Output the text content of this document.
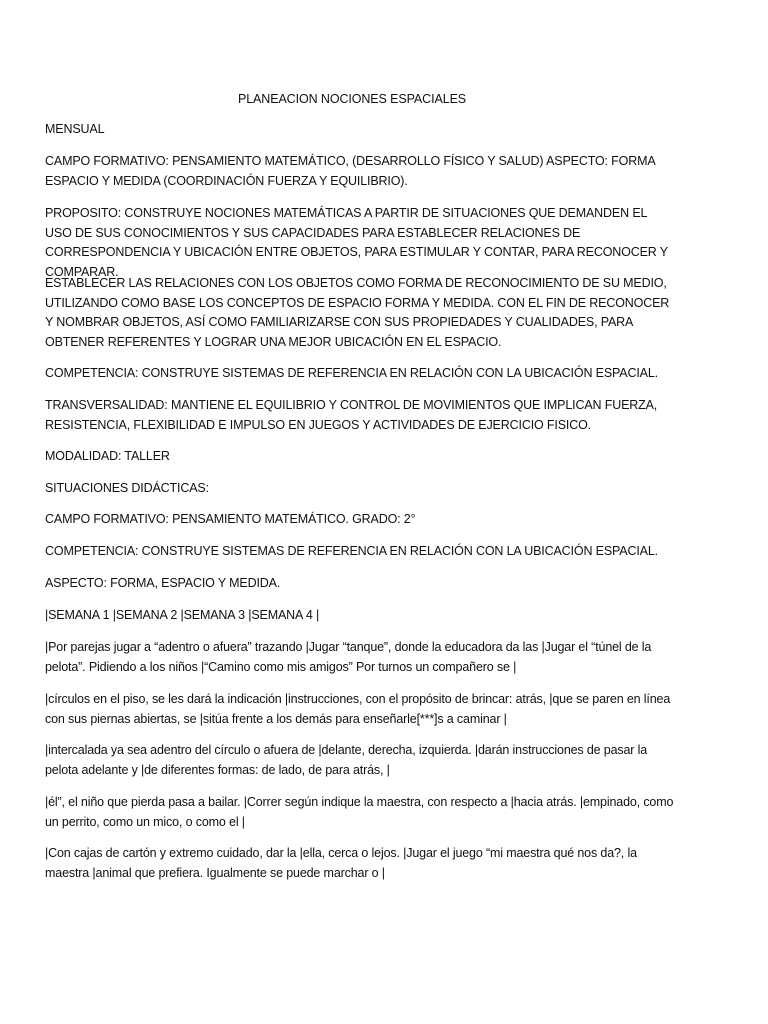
PLANEACION NOCIONES ESPACIALES

MENSUAL

CAMPO FORMATIVO: PENSAMIENTO MATEMÁTICO, (DESARROLLO FÍSICO Y SALUD) ASPECTO: FORMA ESPACIO Y MEDIDA (COORDINACIÓN FUERZA Y EQUILIBRIO).

PROPOSITO: CONSTRUYE NOCIONES MATEMÁTICAS A PARTIR DE SITUACIONES QUE DEMANDEN EL USO DE SUS CONOCIMIENTOS Y SUS CAPACIDADES PARA ESTABLECER RELACIONES DE CORRESPONDENCIA Y UBICACIÓN ENTRE OBJETOS, PARA ESTIMULAR Y CONTAR, PARA RECONOCER Y COMPARAR.

ESTABLECER LAS RELACIONES CON LOS OBJETOS COMO FORMA DE RECONOCIMIENTO DE SU MEDIO, UTILIZANDO COMO BASE LOS CONCEPTOS DE ESPACIO FORMA Y MEDIDA. CON EL FIN DE RECONOCER Y NOMBRAR OBJETOS, ASÍ COMO FAMILIARIZARSE CON SUS PROPIEDADES Y CUALIDADES, PARA OBTENER REFERENTES Y LOGRAR UNA MEJOR UBICACIÓN EN EL ESPACIO.

COMPETENCIA: CONSTRUYE SISTEMAS DE REFERENCIA EN RELACIÓN CON LA UBICACIÓN ESPACIAL.

TRANSVERSALIDAD: MANTIENE EL EQUILIBRIO Y CONTROL DE MOVIMIENTOS QUE IMPLICAN FUERZA, RESISTENCIA, FLEXIBILIDAD E IMPULSO EN JUEGOS Y ACTIVIDADES DE EJERCICIO FISICO.

MODALIDAD: TALLER

SITUACIONES DIDÁCTICAS:

CAMPO FORMATIVO: PENSAMIENTO MATEMÁTICO. GRADO: 2°

COMPETENCIA: CONSTRUYE SISTEMAS DE REFERENCIA EN RELACIÓN CON LA UBICACIÓN ESPACIAL.

ASPECTO: FORMA, ESPACIO Y MEDIDA.

|SEMANA 1 |SEMANA 2 |SEMANA 3 |SEMANA 4 |

|Por parejas jugar a “adentro o afuera” trazando |Jugar “tanque”, donde la educadora da las |Jugar el “túnel de la pelota”. Pidiendo a los niños |“Camino como mis amigos” Por turnos un compañero se |

|círculos en el piso, se les dará la indicación |instrucciones, con el propósito de brincar: atrás, |que se paren en línea con sus piernas abiertas, se |sitúa frente a los demás para enseñarle[***]s a caminar |

|intercalada ya sea adentro del círculo o afuera de |delante, derecha, izquierda. |darán instrucciones de pasar la pelota adelante y |de diferentes formas: de lado, de para atrás, |

|él”, el niño que pierda pasa a bailar. |Correr según indique la maestra, con respecto a |hacia atrás. |empinado, como un perrito, como un mico, o como el |

|Con cajas de cartón y extremo cuidado, dar la |ella, cerca o lejos. |Jugar el juego “mi maestra qué nos da?, la maestra |animal que prefiera. Igualmente se puede marchar o |
